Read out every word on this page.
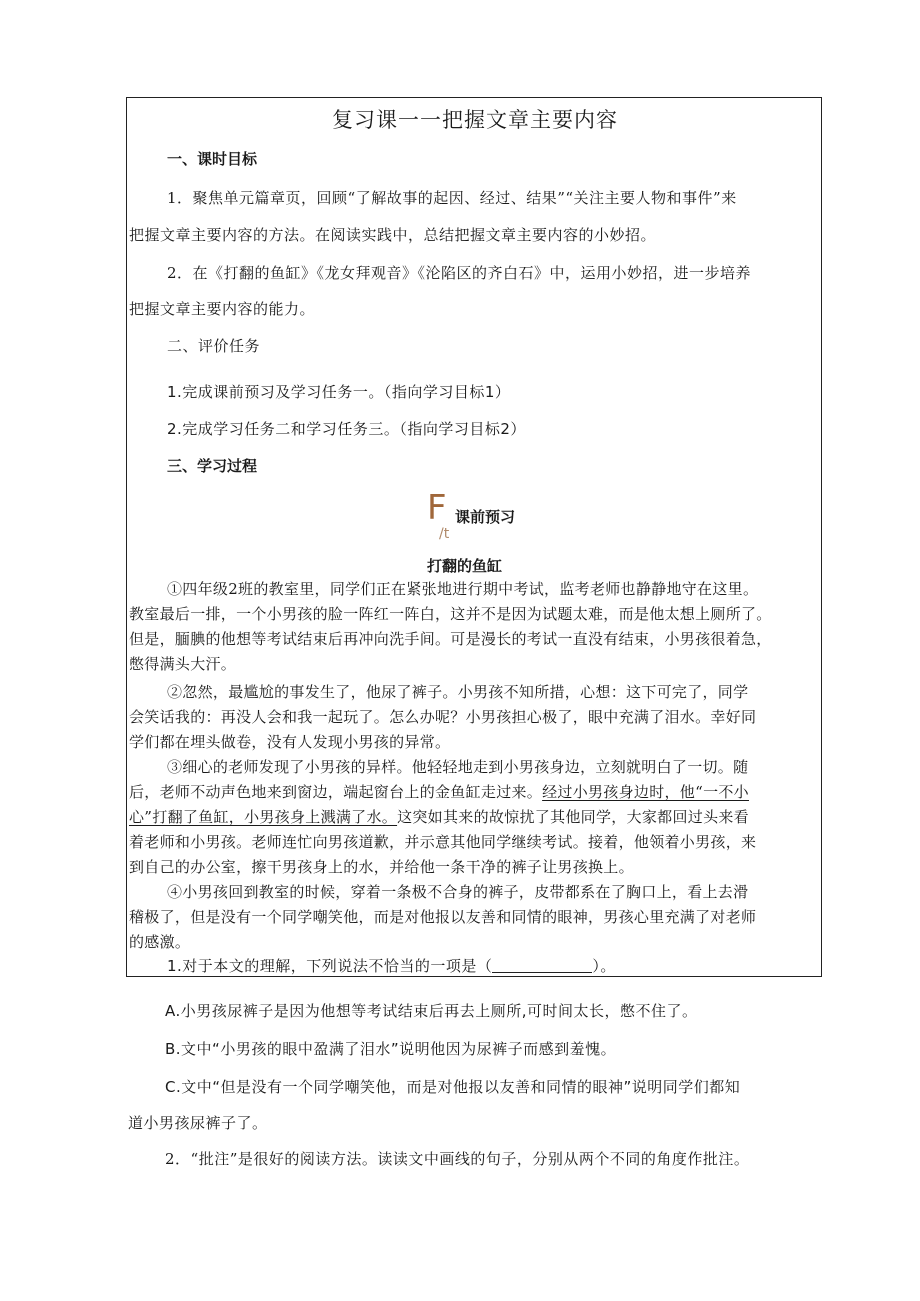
复习课一一把握文章主要内容
一、课时目标
1．聚焦单元篇章页，回顾“了解故事的起因、经过、结果”“关注主要人物和事件”来
把握文章主要内容的方法。在阅读实践中，总结把握文章主要内容的小妙招。
2．在《打翻的鱼缸》《龙女拜观音》《沦陷区的齐白石》中，运用小妙招，进一步培养
把握文章主要内容的能力。
二、评价任务
1.完成课前预习及学习任务一。（指向学习目标1）
2.完成学习任务二和学习任务三。（指向学习目标2）
三、学习过程
F 课前预习
/t
打翻的鱼缸
①四年级2班的教室里，同学们正在紧张地进行期中考试，监考老师也静静地守在这里。
教室最后一排，一个小男孩的脸一阵红一阵白，这并不是因为试题太难，而是他太想上厕所了。
但是，腼腆的他想等考试结束后再冲向洗手间。可是漫长的考试一直没有结束，小男孩很着急，
憋得满头大汗。
②忽然，最尴尬的事发生了，他尿了裤子。小男孩不知所措，心想：这下可完了，同学
会笑话我的：再没人会和我一起玩了。怎么办呢？小男孩担心极了，眼中充满了泪水。幸好同
学们都在埋头做卷，没有人发现小男孩的异常。
③细心的老师发现了小男孩的异样。他轻轻地走到小男孩身边，立刻就明白了一切。随
后，老师不动声色地来到窗边，端起窗台上的金鱼缸走过来。经过小男孩身边时，他“一不小
心”打翻了鱼缸，小男孩身上溅满了水。这突如其来的故惊扰了其他同学，大家都回过头来看
着老师和小男孩。老师连忙向男孩道歉，并示意其他同学继续考试。接着，他领着小男孩，来
到自己的办公室，擦干男孩身上的水，并给他一条干净的裤子让男孩换上。
④小男孩回到教室的时候，穿着一条极不合身的裤子，皮带都系在了胸口上，看上去滑
稽极了，但是没有一个同学嘲笑他，而是对他报以友善和同情的眼神，男孩心里充满了对老师
的感激。
1.对于本文的理解，下列说法不恰当的一项是（	）。
A.小男孩尿裤子是因为他想等考试结束后再去上厕所,可时间太长，憋不住了。
B.文中“小男孩的眼中盈满了泪水”说明他因为尿裤子而感到羞愧。
C.文中“但是没有一个同学嘲笑他，而是对他报以友善和同情的眼神”说明同学们都知
道小男孩尿裤子了。
2．“批注”是很好的阅读方法。读读文中画线的句子，分别从两个不同的角度作批注。
